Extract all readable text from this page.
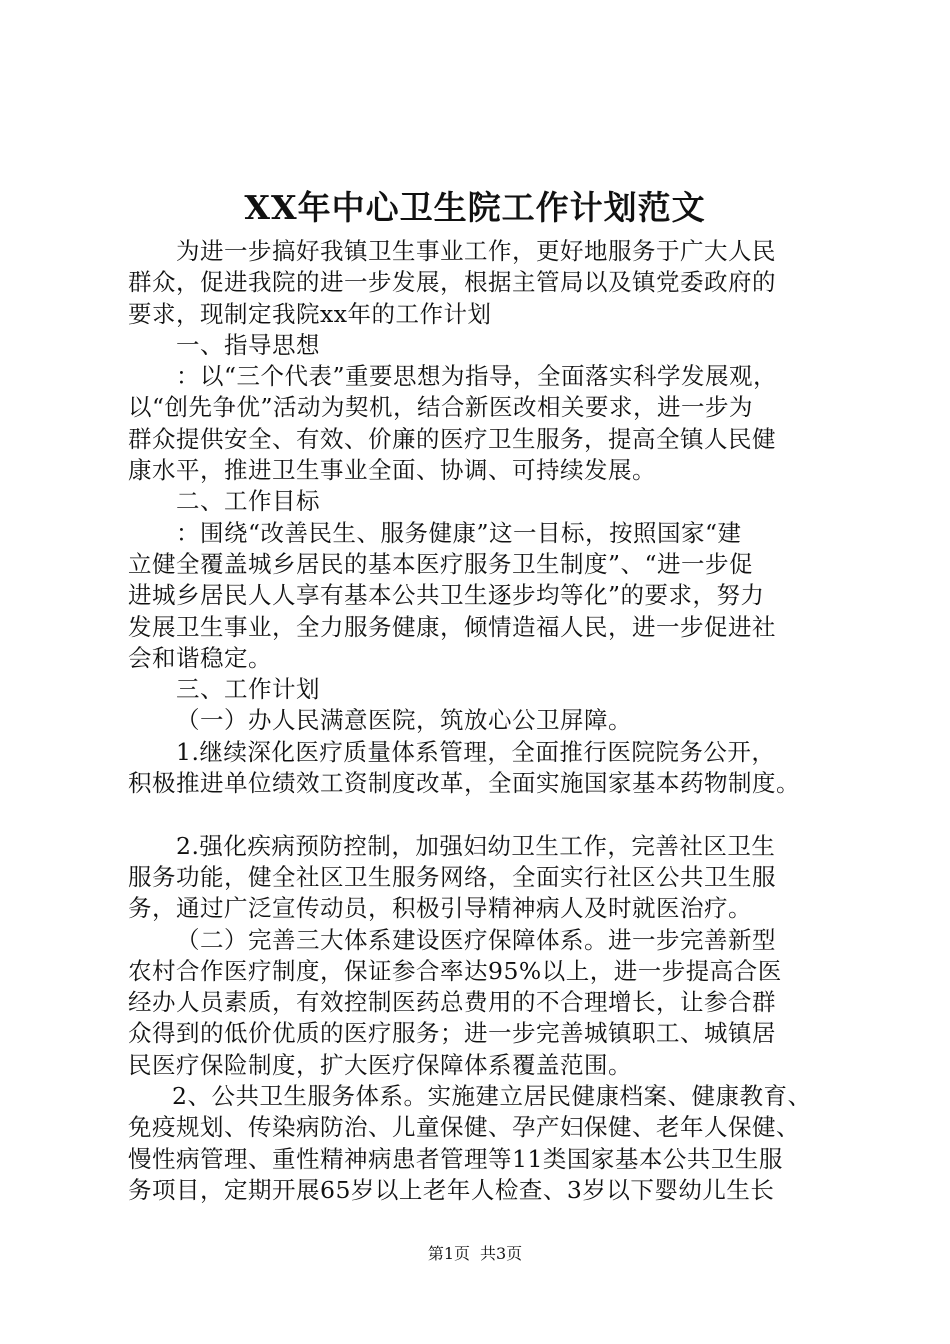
XX年中心卫生院工作计划范文
为进一步搞好我镇卫生事业工作，更好地服务于广大人民
群众，促进我院的进一步发展，根据主管局以及镇党委政府的
要求，现制定我院xx年的工作计划
一、指导思想
：以“三个代表”重要思想为指导，全面落实科学发展观，
以“创先争优”活动为契机，结合新医改相关要求，进一步为
群众提供安全、有效、价廉的医疗卫生服务，提高全镇人民健
康水平，推进卫生事业全面、协调、可持续发展。
二、工作目标
：围绕“改善民生、服务健康”这一目标，按照国家“建
立健全覆盖城乡居民的基本医疗服务卫生制度”、“进一步促
进城乡居民人人享有基本公共卫生逐步均等化”的要求，努力
发展卫生事业，全力服务健康，倾情造福人民，进一步促进社
会和谐稳定。
三、工作计划
（一）办人民满意医院，筑放心公卫屏障。
1.继续深化医疗质量体系管理，全面推行医院院务公开，
积极推进单位绩效工资制度改革，全面实施国家基本药物制度。
2.强化疾病预防控制，加强妇幼卫生工作，完善社区卫生
服务功能，健全社区卫生服务网络，全面实行社区公共卫生服
务，通过广泛宣传动员，积极引导精神病人及时就医治疗。
（二）完善三大体系建设医疗保障体系。进一步完善新型
农村合作医疗制度，保证参合率达95%以上，进一步提高合医
经办人员素质，有效控制医药总费用的不合理增长，让参合群
众得到的低价优质的医疗服务；进一步完善城镇职工、城镇居
民医疗保险制度，扩大医疗保障体系覆盖范围。
2、公共卫生服务体系。实施建立居民健康档案、健康教育、
免疫规划、传染病防治、儿童保健、孕产妇保健、老年人保健、
慢性病管理、重性精神病患者管理等11类国家基本公共卫生服
务项目，定期开展65岁以上老年人检查、3岁以下婴幼儿生长
第1页 共3页
